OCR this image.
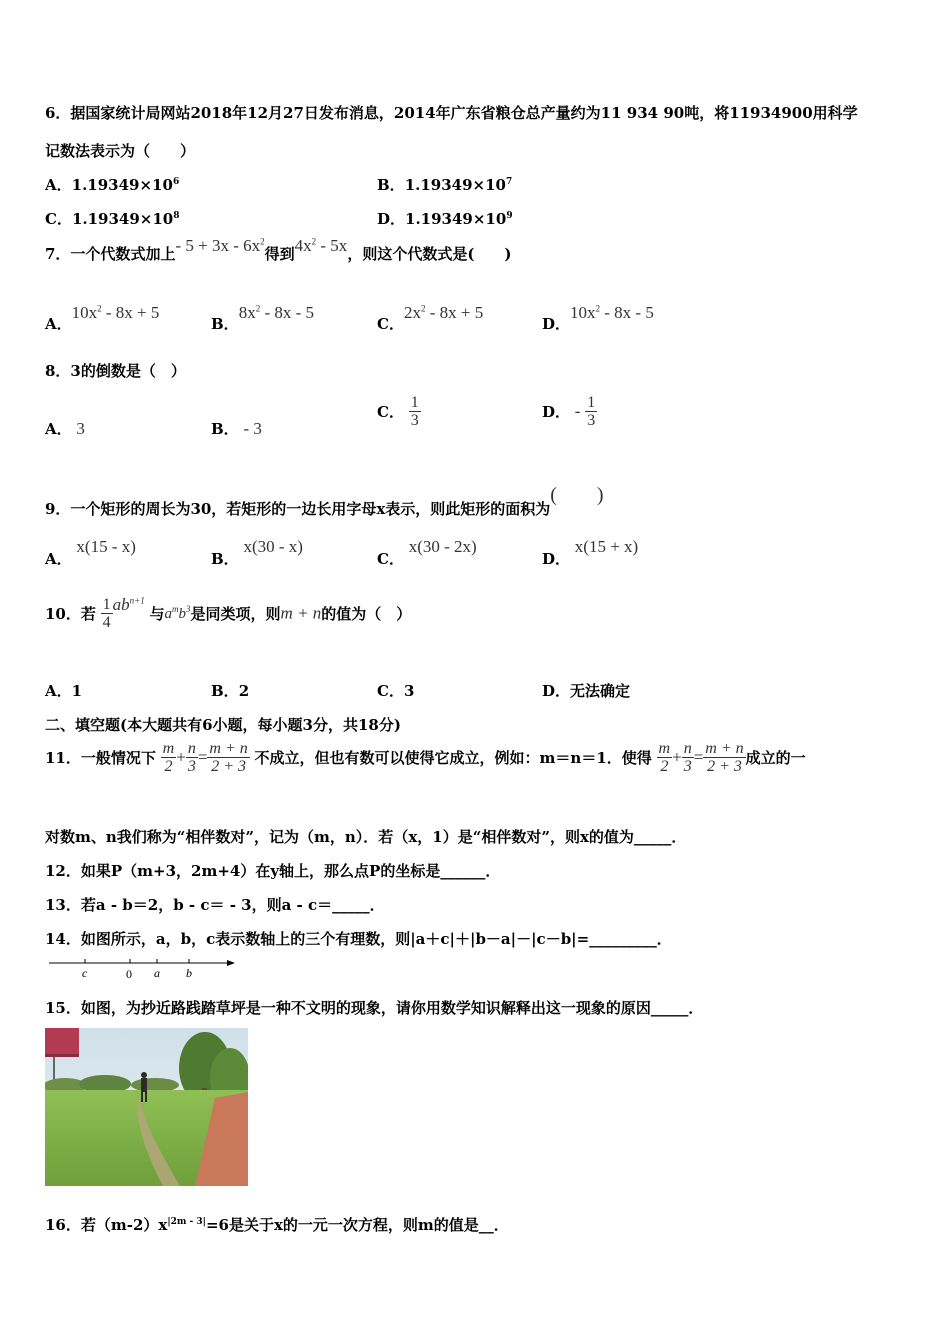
6．据国家统计局网站2018年12月27日发布消息，2014年广东省粮仓总产量约为11 934 90吨，将11934900用科学
记数法表示为（　　）
A．$1.19349\times 10^6$	B．$1.19349\times 10^7$
C．$1.19349\times 10^8$	D．$1.19349\times 10^9$
7．一个代数式加上- $5 + 3x - 6x^2$得到$4x^2 - 5x$，则这个代数式是(　　)
A．$10x^2 - 8x + 5$
B．$8x^2 - 8x - 5$
C．$2x^2 - 8x + 5$
D．$10x^2 - 8x - 5$
8．3的倒数是（　）
A． 3	B． - 3
C． $\frac{1}{3}$	D． - $\frac{1}{3}$
9．一个矩形的周长为30，若矩形的一边长用字母x表示，则此矩形的面积为(　　)
A． x(15 - x)
B． x(30 - x)
C． x(30 - 2x)
D． x(15 + x)
10．若 $\frac{1}{4} ab^{n+1}$ 与$a^mb^3$是同类项，则m + n的值为（　）
A．1	B．2	C．3	D．无法确定
二、填空题(本大题共有6小题，每小题3分，共18分)
11．一般情况下 $\frac{m}{2} + \frac{n}{3} = \frac{m + n}{2 + 3}$ 不成立，但也有数可以使得它成立，例如：m＝n＝1．使得 $\frac{m}{2} + \frac{n}{3} = \frac{m + n}{2 + 3}$ 成立的一
对数m、n我们称为“相伴数对”，记为（m，n）．若（x，1）是“相伴数对”，则x的值为_____．
12．如果P（m+3，2m+4）在y轴上，那么点P的坐标是______．
13．若a - b＝2，b - c＝ - 3，则a - c＝_____．
14．如图所示，a，b，c表示数轴上的三个有理数，则|a＋c|＋|b－a|－|c－b|=_________．
c	0 a b
15．如图，为抄近路践踏草坪是一种不文明的现象，请你用数学知识解释出这一现象的原因_____．
16．若$(m-2)x^{|2m - 3|}=6$是关于x的一元一次方程，则m的值是__．
